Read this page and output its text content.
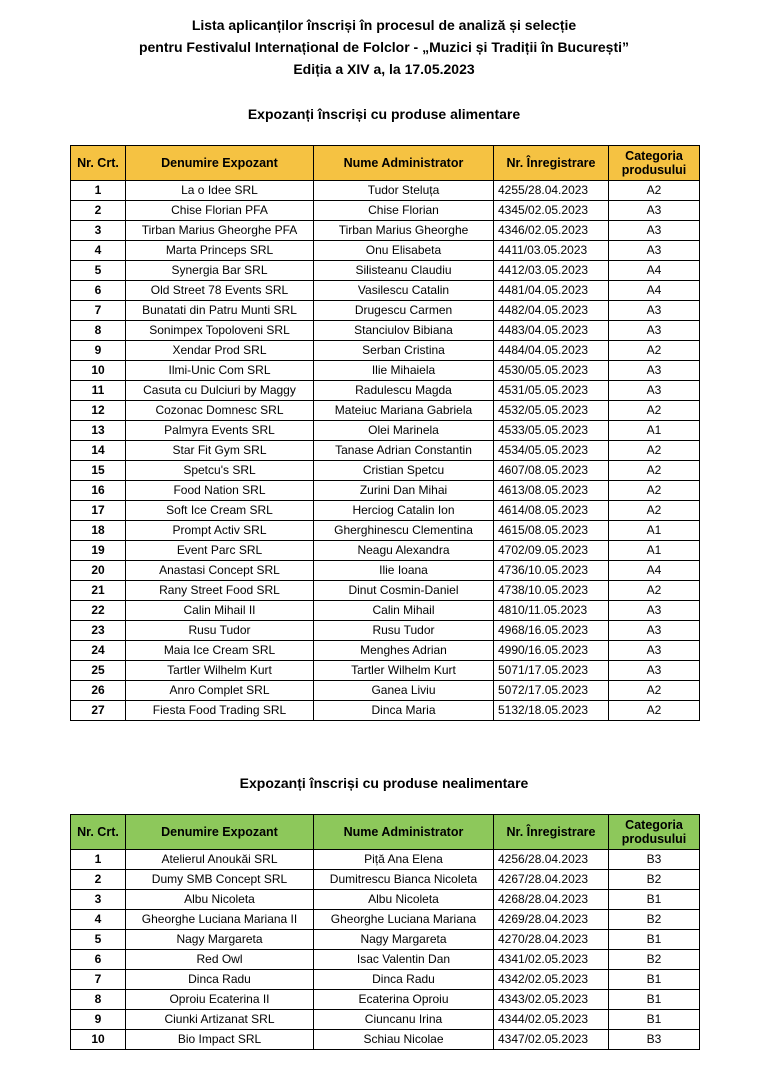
Lista aplicanților înscriși în procesul de analiză și selecție
pentru Festivalul Internațional de Folclor - „Muzici și Tradiții în București”
Ediția a XIV a, la 17.05.2023
Expozanți înscriși cu produse alimentare
Nr. Crt.	Denumire Expozant	Nume Administrator	Nr. Înregistrare	Categoria produsului
1	La o Idee SRL	Tudor Steluța	4255/28.04.2023	A2
2	Chise Florian PFA	Chise Florian	4345/02.05.2023	A3
3	Tirban Marius Gheorghe PFA	Tirban Marius Gheorghe	4346/02.05.2023	A3
4	Marta Princeps SRL	Onu Elisabeta	4411/03.05.2023	A3
5	Synergia Bar SRL	Silisteanu Claudiu	4412/03.05.2023	A4
6	Old Street 78 Events SRL	Vasilescu Catalin	4481/04.05.2023	A4
7	Bunatati din Patru Munti SRL	Drugescu Carmen	4482/04.05.2023	A3
8	Sonimpex Topoloveni SRL	Stanciulov Bibiana	4483/04.05.2023	A3
9	Xendar Prod SRL	Serban Cristina	4484/04.05.2023	A2
10	Ilmi-Unic Com SRL	Ilie Mihaiela	4530/05.05.2023	A3
11	Casuta cu Dulciuri by Maggy	Radulescu Magda	4531/05.05.2023	A3
12	Cozonac Domnesc SRL	Mateiuc Mariana Gabriela	4532/05.05.2023	A2
13	Palmyra Events SRL	Olei Marinela	4533/05.05.2023	A1
14	Star Fit Gym SRL	Tanase Adrian Constantin	4534/05.05.2023	A2
15	Spetcu's SRL	Cristian Spetcu	4607/08.05.2023	A2
16	Food Nation SRL	Zurini Dan Mihai	4613/08.05.2023	A2
17	Soft Ice Cream SRL	Herciog Catalin Ion	4614/08.05.2023	A2
18	Prompt Activ SRL	Gherghinescu Clementina	4615/08.05.2023	A1
19	Event Parc SRL	Neagu Alexandra	4702/09.05.2023	A1
20	Anastasi Concept SRL	Ilie Ioana	4736/10.05.2023	A4
21	Rany Street Food SRL	Dinut Cosmin-Daniel	4738/10.05.2023	A2
22	Calin Mihail II	Calin Mihail	4810/11.05.2023	A3
23	Rusu Tudor	Rusu Tudor	4968/16.05.2023	A3
24	Maia Ice Cream SRL	Menghes Adrian	4990/16.05.2023	A3
25	Tartler Wilhelm Kurt	Tartler Wilhelm Kurt	5071/17.05.2023	A3
26	Anro Complet SRL	Ganea Liviu	5072/17.05.2023	A2
27	Fiesta Food Trading SRL	Dinca Maria	5132/18.05.2023	A2
Expozanți înscriși cu produse nealimentare
Nr. Crt.	Denumire Expozant	Nume Administrator	Nr. Înregistrare	Categoria produsului
1	Atelierul Anoukăi SRL	Piță Ana Elena	4256/28.04.2023	B3
2	Dumy SMB Concept SRL	Dumitrescu Bianca Nicoleta	4267/28.04.2023	B2
3	Albu Nicoleta	Albu Nicoleta	4268/28.04.2023	B1
4	Gheorghe Luciana Mariana II	Gheorghe Luciana Mariana	4269/28.04.2023	B2
5	Nagy Margareta	Nagy Margareta	4270/28.04.2023	B1
6	Red Owl	Isac Valentin Dan	4341/02.05.2023	B2
7	Dinca Radu	Dinca Radu	4342/02.05.2023	B1
8	Oproiu Ecaterina II	Ecaterina Oproiu	4343/02.05.2023	B1
9	Ciunki Artizanat SRL	Ciuncanu Irina	4344/02.05.2023	B1
10	Bio Impact SRL	Schiau Nicolae	4347/02.05.2023	B3
